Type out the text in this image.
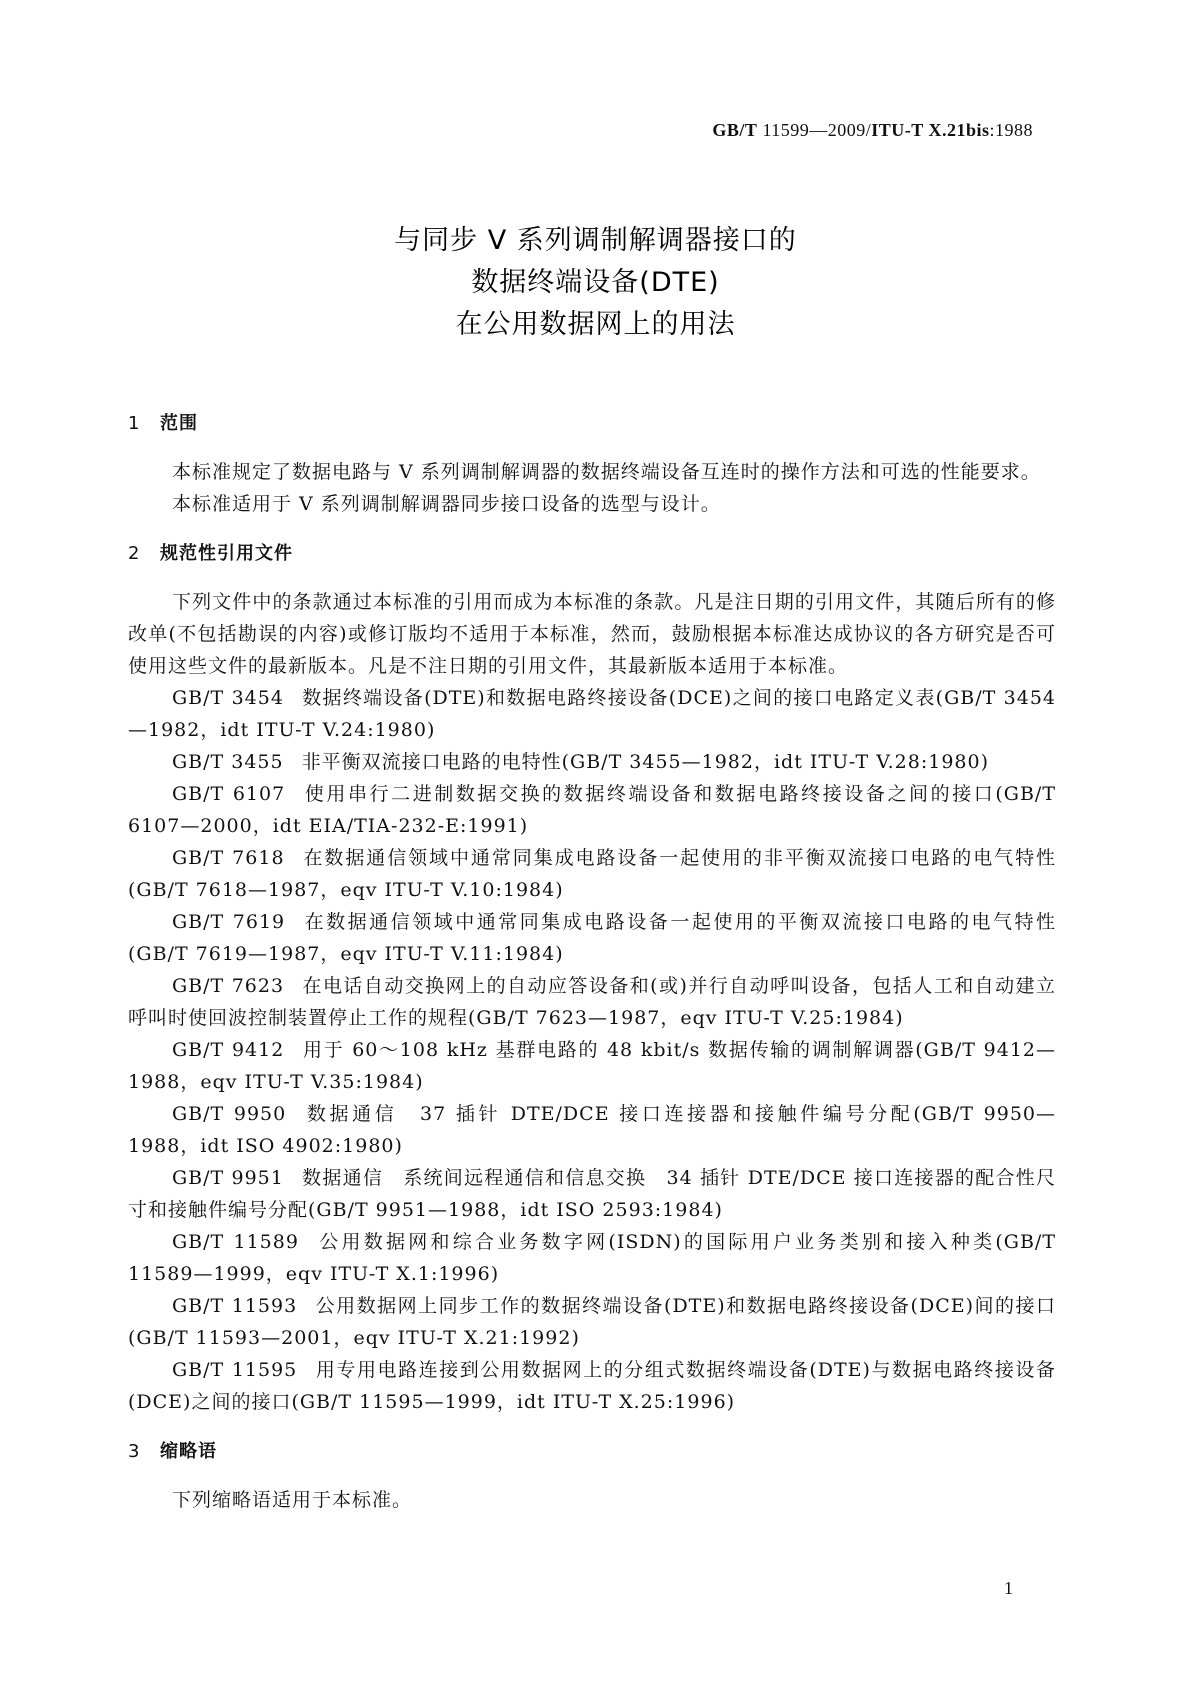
GB/T 11599—2009/ITU-T X.21bis:1988
与同步 V 系列调制解调器接口的
数据终端设备(DTE)
在公用数据网上的用法
1 范围

本标准规定了数据电路与 V 系列调制解调器的数据终端设备互连时的操作方法和可选的性能要求。

本标准适用于 V 系列调制解调器同步接口设备的选型与设计。

2 规范性引用文件

下列文件中的条款通过本标准的引用而成为本标准的条款。凡是注日期的引用文件，其随后所有的修改单(不包括勘误的内容)或修订版均不适用于本标准，然而，鼓励根据本标准达成协议的各方研究是否可使用这些文件的最新版本。凡是不注日期的引用文件，其最新版本适用于本标准。

GB/T 3454 数据终端设备(DTE)和数据电路终接设备(DCE)之间的接口电路定义表(GB/T 3454—1982，idt ITU-T V.24:1980)
GB/T 3455 非平衡双流接口电路的电特性(GB/T 3455—1982，idt ITU-T V.28:1980)
GB/T 6107 使用串行二进制数据交换的数据终端设备和数据电路终接设备之间的接口(GB/T 6107—2000，idt EIA/TIA-232-E:1991)
GB/T 7618 在数据通信领域中通常同集成电路设备一起使用的非平衡双流接口电路的电气特性(GB/T 7618—1987，eqv ITU-T V.10:1984)
GB/T 7619 在数据通信领域中通常同集成电路设备一起使用的平衡双流接口电路的电气特性(GB/T 7619—1987，eqv ITU-T V.11:1984)
GB/T 7623 在电话自动交换网上的自动应答设备和(或)并行自动呼叫设备，包括人工和自动建立呼叫时使回波控制装置停止工作的规程(GB/T 7623—1987，eqv ITU-T V.25:1984)
GB/T 9412 用于 60～108 kHz 基群电路的 48 kbit/s 数据传输的调制解调器(GB/T 9412—1988，eqv ITU-T V.35:1984)
GB/T 9950 数据通信　37 插针 DTE/DCE 接口连接器和接触件编号分配(GB/T 9950—1988，idt ISO 4902:1980)
GB/T 9951 数据通信　系统间远程通信和信息交换　34 插针 DTE/DCE 接口连接器的配合性尺寸和接触件编号分配(GB/T 9951—1988，idt ISO 2593:1984)
GB/T 11589 公用数据网和综合业务数字网(ISDN)的国际用户业务类别和接入种类(GB/T 11589—1999，eqv ITU-T X.1:1996)
GB/T 11593 公用数据网上同步工作的数据终端设备(DTE)和数据电路终接设备(DCE)间的接口(GB/T 11593—2001，eqv ITU-T X.21:1992)
GB/T 11595 用专用电路连接到公用数据网上的分组式数据终端设备(DTE)与数据电路终接设备(DCE)之间的接口(GB/T 11595—1999，idt ITU-T X.25:1996)
3 缩略语

下列缩略语适用于本标准。

1
